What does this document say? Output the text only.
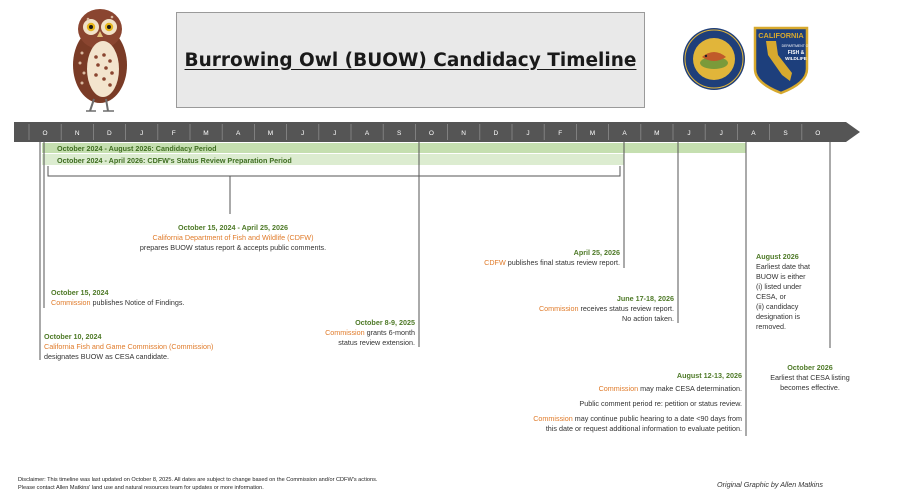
Burrowing Owl (BUOW) Candidacy Timeline
CALIFORNIA
DEPARTMENT OF
FISH &
WILDLIFE
O	N	D	J	F	M	A	M	J	J	A	S	O	N	D	J	F	M	A	M	J	J	A	S	O
October 2024 - August 2026: Candidacy Period
October 2024 - April 2026: CDFW's Status Review Preparation Period
October 15, 2024 - April 25, 2026
California Department of Fish and Wildlife (CDFW)
prepares BUOW status report & accepts public comments.
October 15, 2024
Commission publishes Notice of Findings.
October 10, 2024
California Fish and Game Commission (Commission)
designates BUOW as CESA candidate.
October 8-9, 2025
Commission grants 6-month
status review extension.
April 25, 2026
CDFW publishes final status review report.
June 17-18, 2026
Commission receives status review report.
No action taken.
August 12-13, 2026
Commission may make CESA determination.
Public comment period re: petition or status review.
Commission may continue public hearing to a date <90 days from
this date or request additional information to evaluate petition.
August 2026
Earliest date that
BUOW is either
(i) listed under
CESA, or
(ii) candidacy
designation is
removed.
October 2026
Earliest that CESA listing
becomes effective.
Disclaimer: This timeline was last updated on October 8, 2025. All dates are subject to change based on the Commission and/or CDFW's actions.
Please contact Allen Matkins' land use and natural resources team for updates or more information.	Original Graphic by Allen Matkins
